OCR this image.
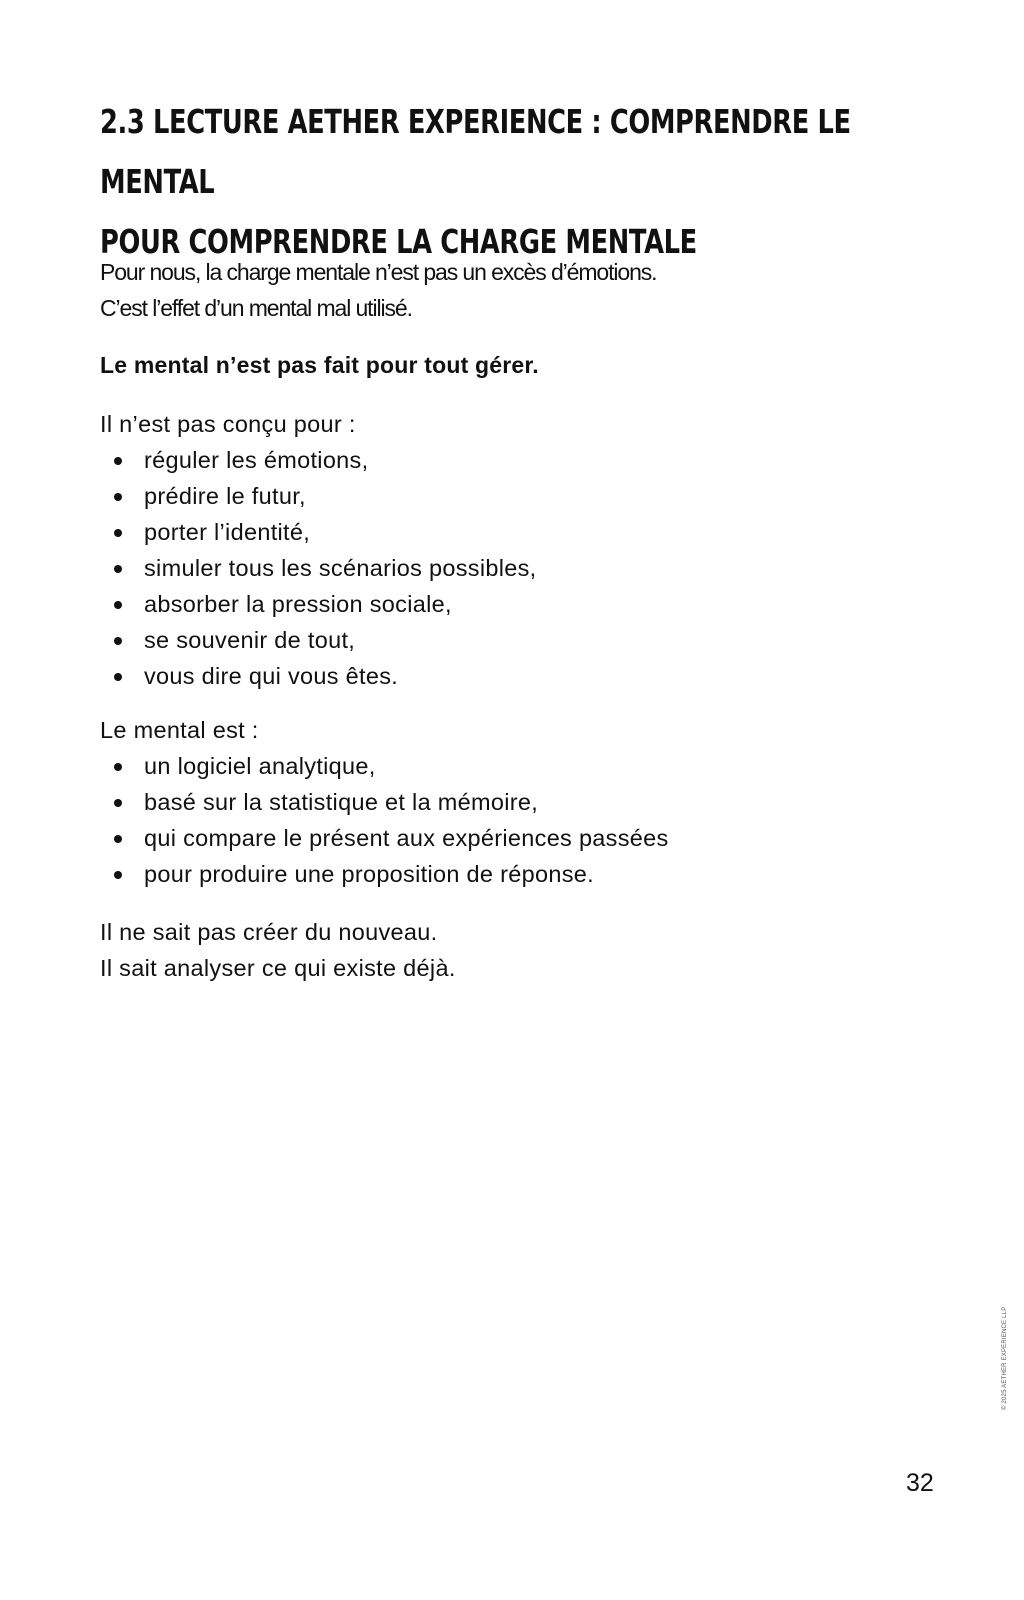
2.3 LECTURE AETHER EXPERIENCE : COMPRENDRE LE MENTAL
POUR COMPRENDRE LA CHARGE MENTALE
Pour nous, la charge mentale n’est pas un excès d’émotions.
C’est l’effet d’un mental mal utilisé.
Le mental n’est pas fait pour tout gérer.
Il n’est pas conçu pour :
réguler les émotions,
prédire le futur,
porter l’identité,
simuler tous les scénarios possibles,
absorber la pression sociale,
se souvenir de tout,
vous dire qui vous êtes.
Le mental est :
un logiciel analytique,
basé sur la statistique et la mémoire,
qui compare le présent aux expériences passées
pour produire une proposition de réponse.
Il ne sait pas créer du nouveau.
Il sait analyser ce qui existe déjà.
© 2025 AETHER EXPERIENCE LLP
32
